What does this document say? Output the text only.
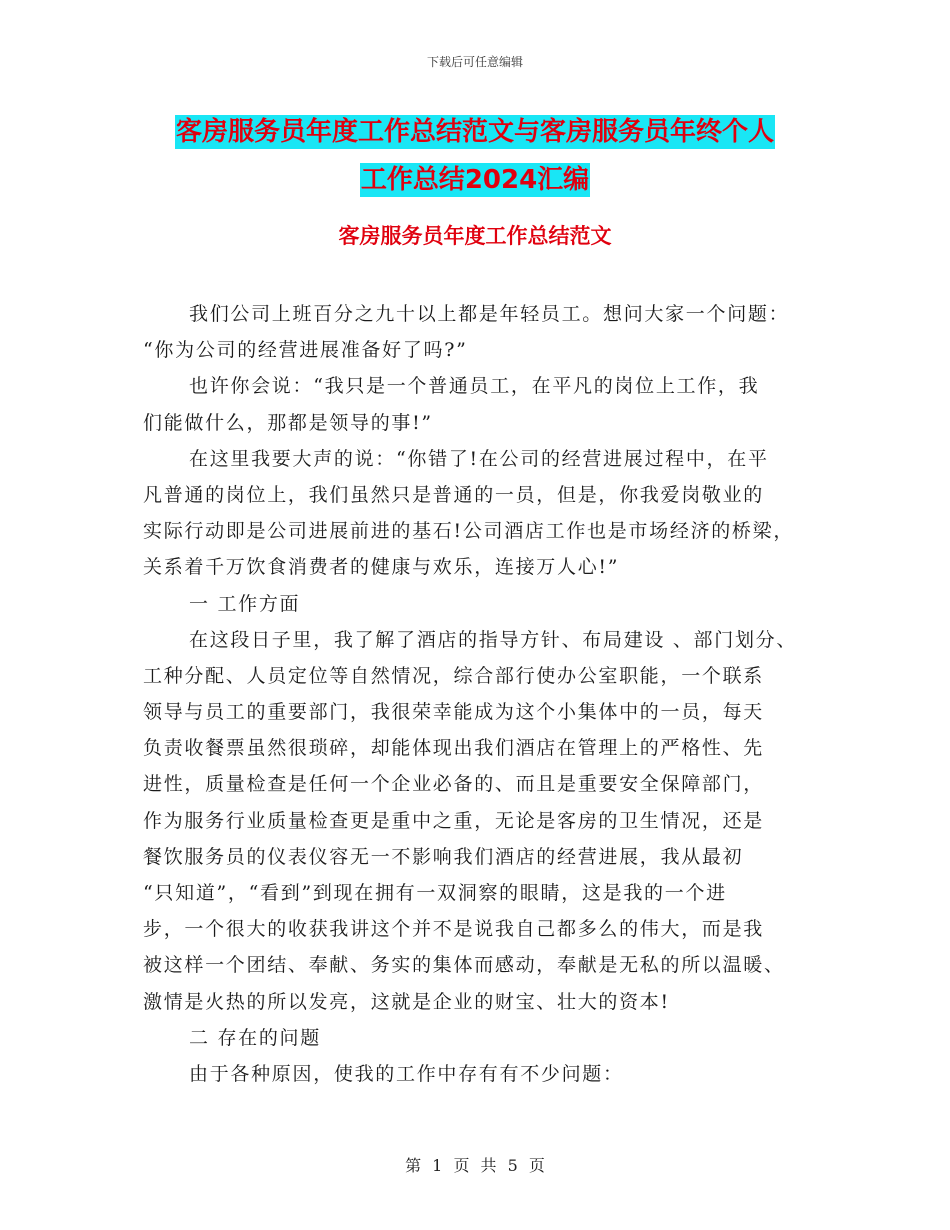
下载后可任意编辑
客房服务员年度工作总结范文与客房服务员年终个人
工作总结2024汇编
客房服务员年度工作总结范文
我们公司上班百分之九十以上都是年轻员工。想问大家一个问题：
“你为公司的经营进展准备好了吗?”
也许你会说：“我只是一个普通员工，在平凡的岗位上工作，我
们能做什么，那都是领导的事!”
在这里我要大声的说：“你错了!在公司的经营进展过程中，在平
凡普通的岗位上，我们虽然只是普通的一员，但是，你我爱岗敬业的
实际行动即是公司进展前进的基石!公司酒店工作也是市场经济的桥梁，
关系着千万饮食消费者的健康与欢乐，连接万人心!”
一 工作方面
在这段日子里，我了解了酒店的指导方针、布局建设 、部门划分、
工种分配、人员定位等自然情况，综合部行使办公室职能，一个联系
领导与员工的重要部门，我很荣幸能成为这个小集体中的一员，每天
负责收餐票虽然很琐碎，却能体现出我们酒店在管理上的严格性、先
进性，质量检查是任何一个企业必备的、而且是重要安全保障部门，
作为服务行业质量检查更是重中之重，无论是客房的卫生情况，还是
餐饮服务员的仪表仪容无一不影响我们酒店的经营进展，我从最初
“只知道”，“看到”到现在拥有一双洞察的眼睛，这是我的一个进
步，一个很大的收获我讲这个并不是说我自己都多么的伟大，而是我
被这样一个团结、奉献、务实的集体而感动，奉献是无私的所以温暖、
激情是火热的所以发亮，这就是企业的财宝、壮大的资本!
二 存在的问题
由于各种原因，使我的工作中存有有不少问题：
第 1 页 共 5 页
